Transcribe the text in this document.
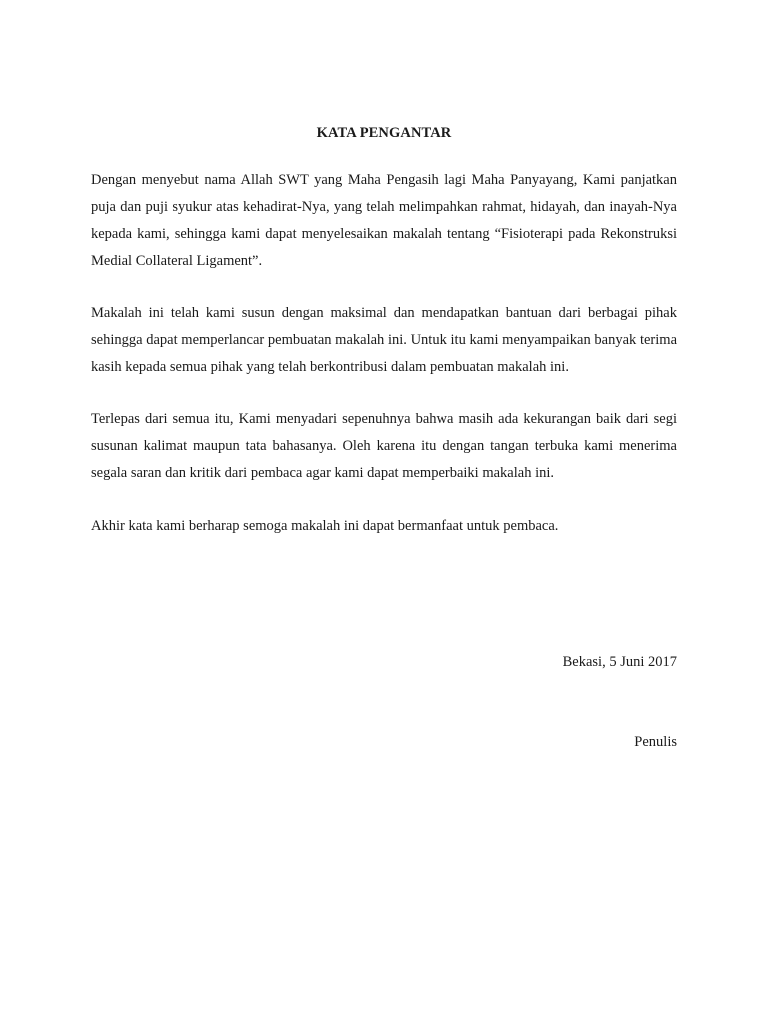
KATA PENGANTAR

Dengan menyebut nama Allah SWT yang Maha Pengasih lagi Maha Panyayang, Kami panjatkan puja dan puji syukur atas kehadirat-Nya, yang telah melimpahkan rahmat, hidayah, dan inayah-Nya kepada kami, sehingga kami dapat menyelesaikan makalah tentang “Fisioterapi pada Rekonstruksi Medial Collateral Ligament”.

Makalah ini telah kami susun dengan maksimal dan mendapatkan bantuan dari berbagai pihak sehingga dapat memperlancar pembuatan makalah ini. Untuk itu kami menyampaikan banyak terima kasih kepada semua pihak yang telah berkontribusi dalam pembuatan makalah ini.

Terlepas dari semua itu, Kami menyadari sepenuhnya bahwa masih ada kekurangan baik dari segi susunan kalimat maupun tata bahasanya. Oleh karena itu dengan tangan terbuka kami menerima segala saran dan kritik dari pembaca agar kami dapat memperbaiki makalah ini.

Akhir kata kami berharap semoga makalah ini dapat bermanfaat untuk pembaca.

Bekasi, 5 Juni 2017
Penulis
